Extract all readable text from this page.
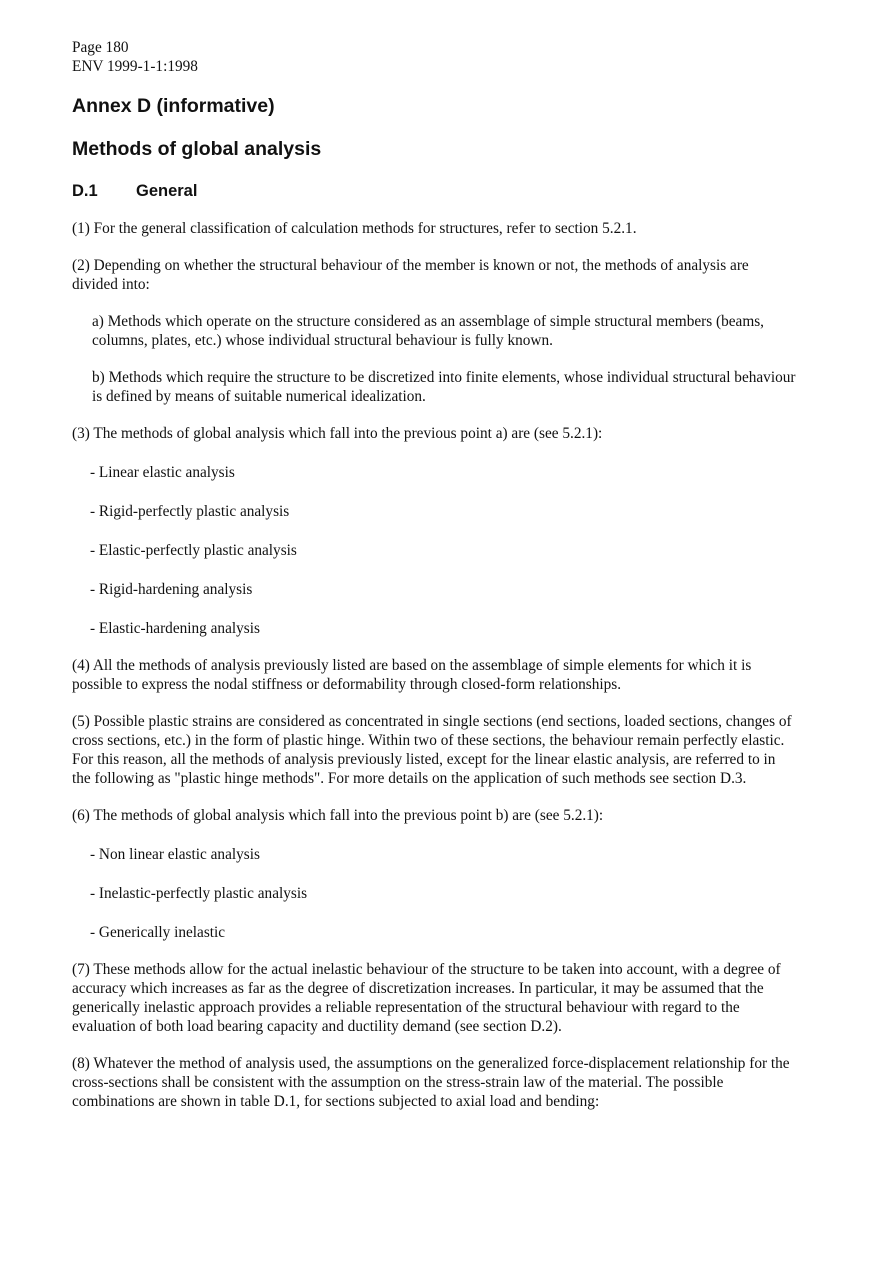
Page 180
ENV 1999-1-1:1998
Annex D (informative)
Methods of global analysis
D.1	General

(1) For the general classification of calculation methods for structures, refer to section 5.2.1.

(2) Depending on whether the structural behaviour of the member is known or not, the methods of analysis are divided into:

a) Methods which operate on the structure considered as an assemblage of simple structural members (beams, columns, plates, etc.) whose individual structural behaviour is fully known.

b) Methods which require the structure to be discretized into finite elements, whose individual structural behaviour is defined by means of suitable numerical idealization.

(3) The methods of global analysis which fall into the previous point a) are (see 5.2.1):

- Linear elastic analysis
- Rigid-perfectly plastic analysis
- Elastic-perfectly plastic analysis
- Rigid-hardening analysis
- Elastic-hardening analysis

(4) All the methods of analysis previously listed are based on the assemblage of simple elements for which it is possible to express the nodal stiffness or deformability through closed-form relationships.

(5) Possible plastic strains are considered as concentrated in single sections (end sections, loaded sections, changes of cross sections, etc.) in the form of plastic hinge. Within two of these sections, the behaviour remain perfectly elastic. For this reason, all the methods of analysis previously listed, except for the linear elastic analysis, are referred to in the following as "plastic hinge methods". For more details on the application of such methods see section D.3.

(6) The methods of global analysis which fall into the previous point b) are (see 5.2.1):

- Non linear elastic analysis
- Inelastic-perfectly plastic analysis
- Generically inelastic

(7) These methods allow for the actual inelastic behaviour of the structure to be taken into account, with a degree of accuracy which increases as far as the degree of discretization increases. In particular, it may be assumed that the generically inelastic approach provides a reliable representation of the structural behaviour with regard to the evaluation of both load bearing capacity and ductility demand (see section D.2).

(8) Whatever the method of analysis used, the assumptions on the generalized force-displacement relationship for the cross-sections shall be consistent with the assumption on the stress-strain law of the material. The possible combinations are shown in table D.1, for sections subjected to axial load and bending:
